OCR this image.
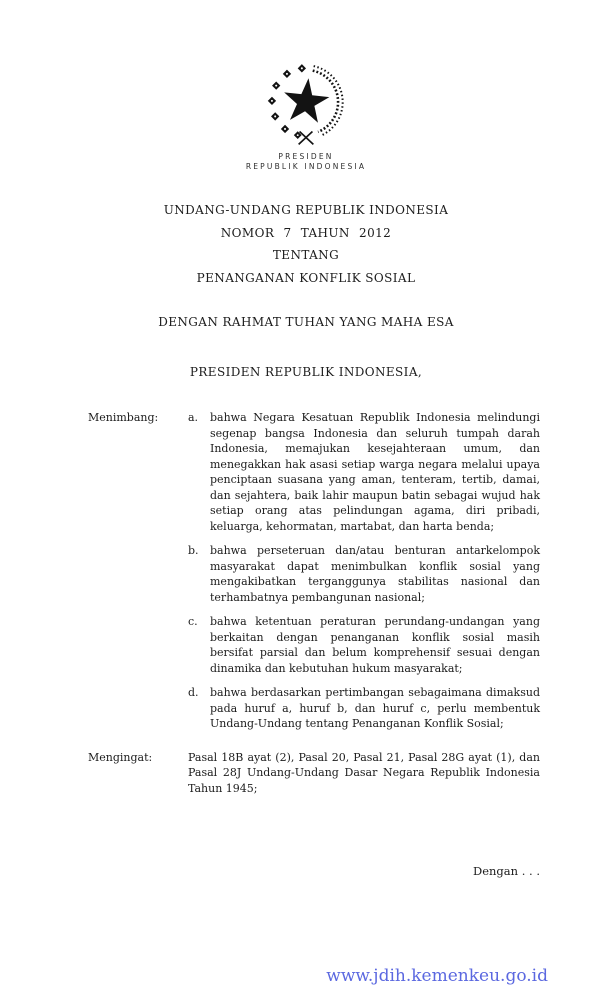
PRESIDEN
REPUBLIK INDONESIA
UNDANG-UNDANG REPUBLIK INDONESIA
NOMOR 7 TAHUN 2012
TENTANG
PENANGANAN KONFLIK SOSIAL
DENGAN RAHMAT TUHAN YANG MAHA ESA
PRESIDEN REPUBLIK INDONESIA,
Menimbang:	a.	bahwa Negara Kesatuan Republik Indonesia melindungi segenap bangsa Indonesia dan seluruh tumpah darah Indonesia, memajukan kesejahteraan umum, dan menegakkan hak asasi setiap warga negara melalui upaya penciptaan suasana yang aman, tenteram, tertib, damai, dan sejahtera, baik lahir maupun batin sebagai wujud hak setiap orang atas pelindungan agama, diri pribadi, keluarga, kehormatan, martabat, dan harta benda;
b.	bahwa perseteruan dan/atau benturan antarkelompok masyarakat dapat menimbulkan konflik sosial yang mengakibatkan terganggunya stabilitas nasional dan terhambatnya pembangunan nasional;
c.	bahwa ketentuan peraturan perundang-undangan yang berkaitan dengan penanganan konflik sosial masih bersifat parsial dan belum komprehensif sesuai dengan dinamika dan kebutuhan hukum masyarakat;
d.	bahwa berdasarkan pertimbangan sebagaimana dimaksud pada huruf a, huruf b, dan huruf c, perlu membentuk Undang-Undang tentang Penanganan Konflik Sosial;
Mengingat:	Pasal 18B ayat (2), Pasal 20, Pasal 21, Pasal 28G ayat (1), dan Pasal 28J Undang-Undang Dasar Negara Republik Indonesia Tahun 1945;
Dengan . . .
www.jdih.kemenkeu.go.id
